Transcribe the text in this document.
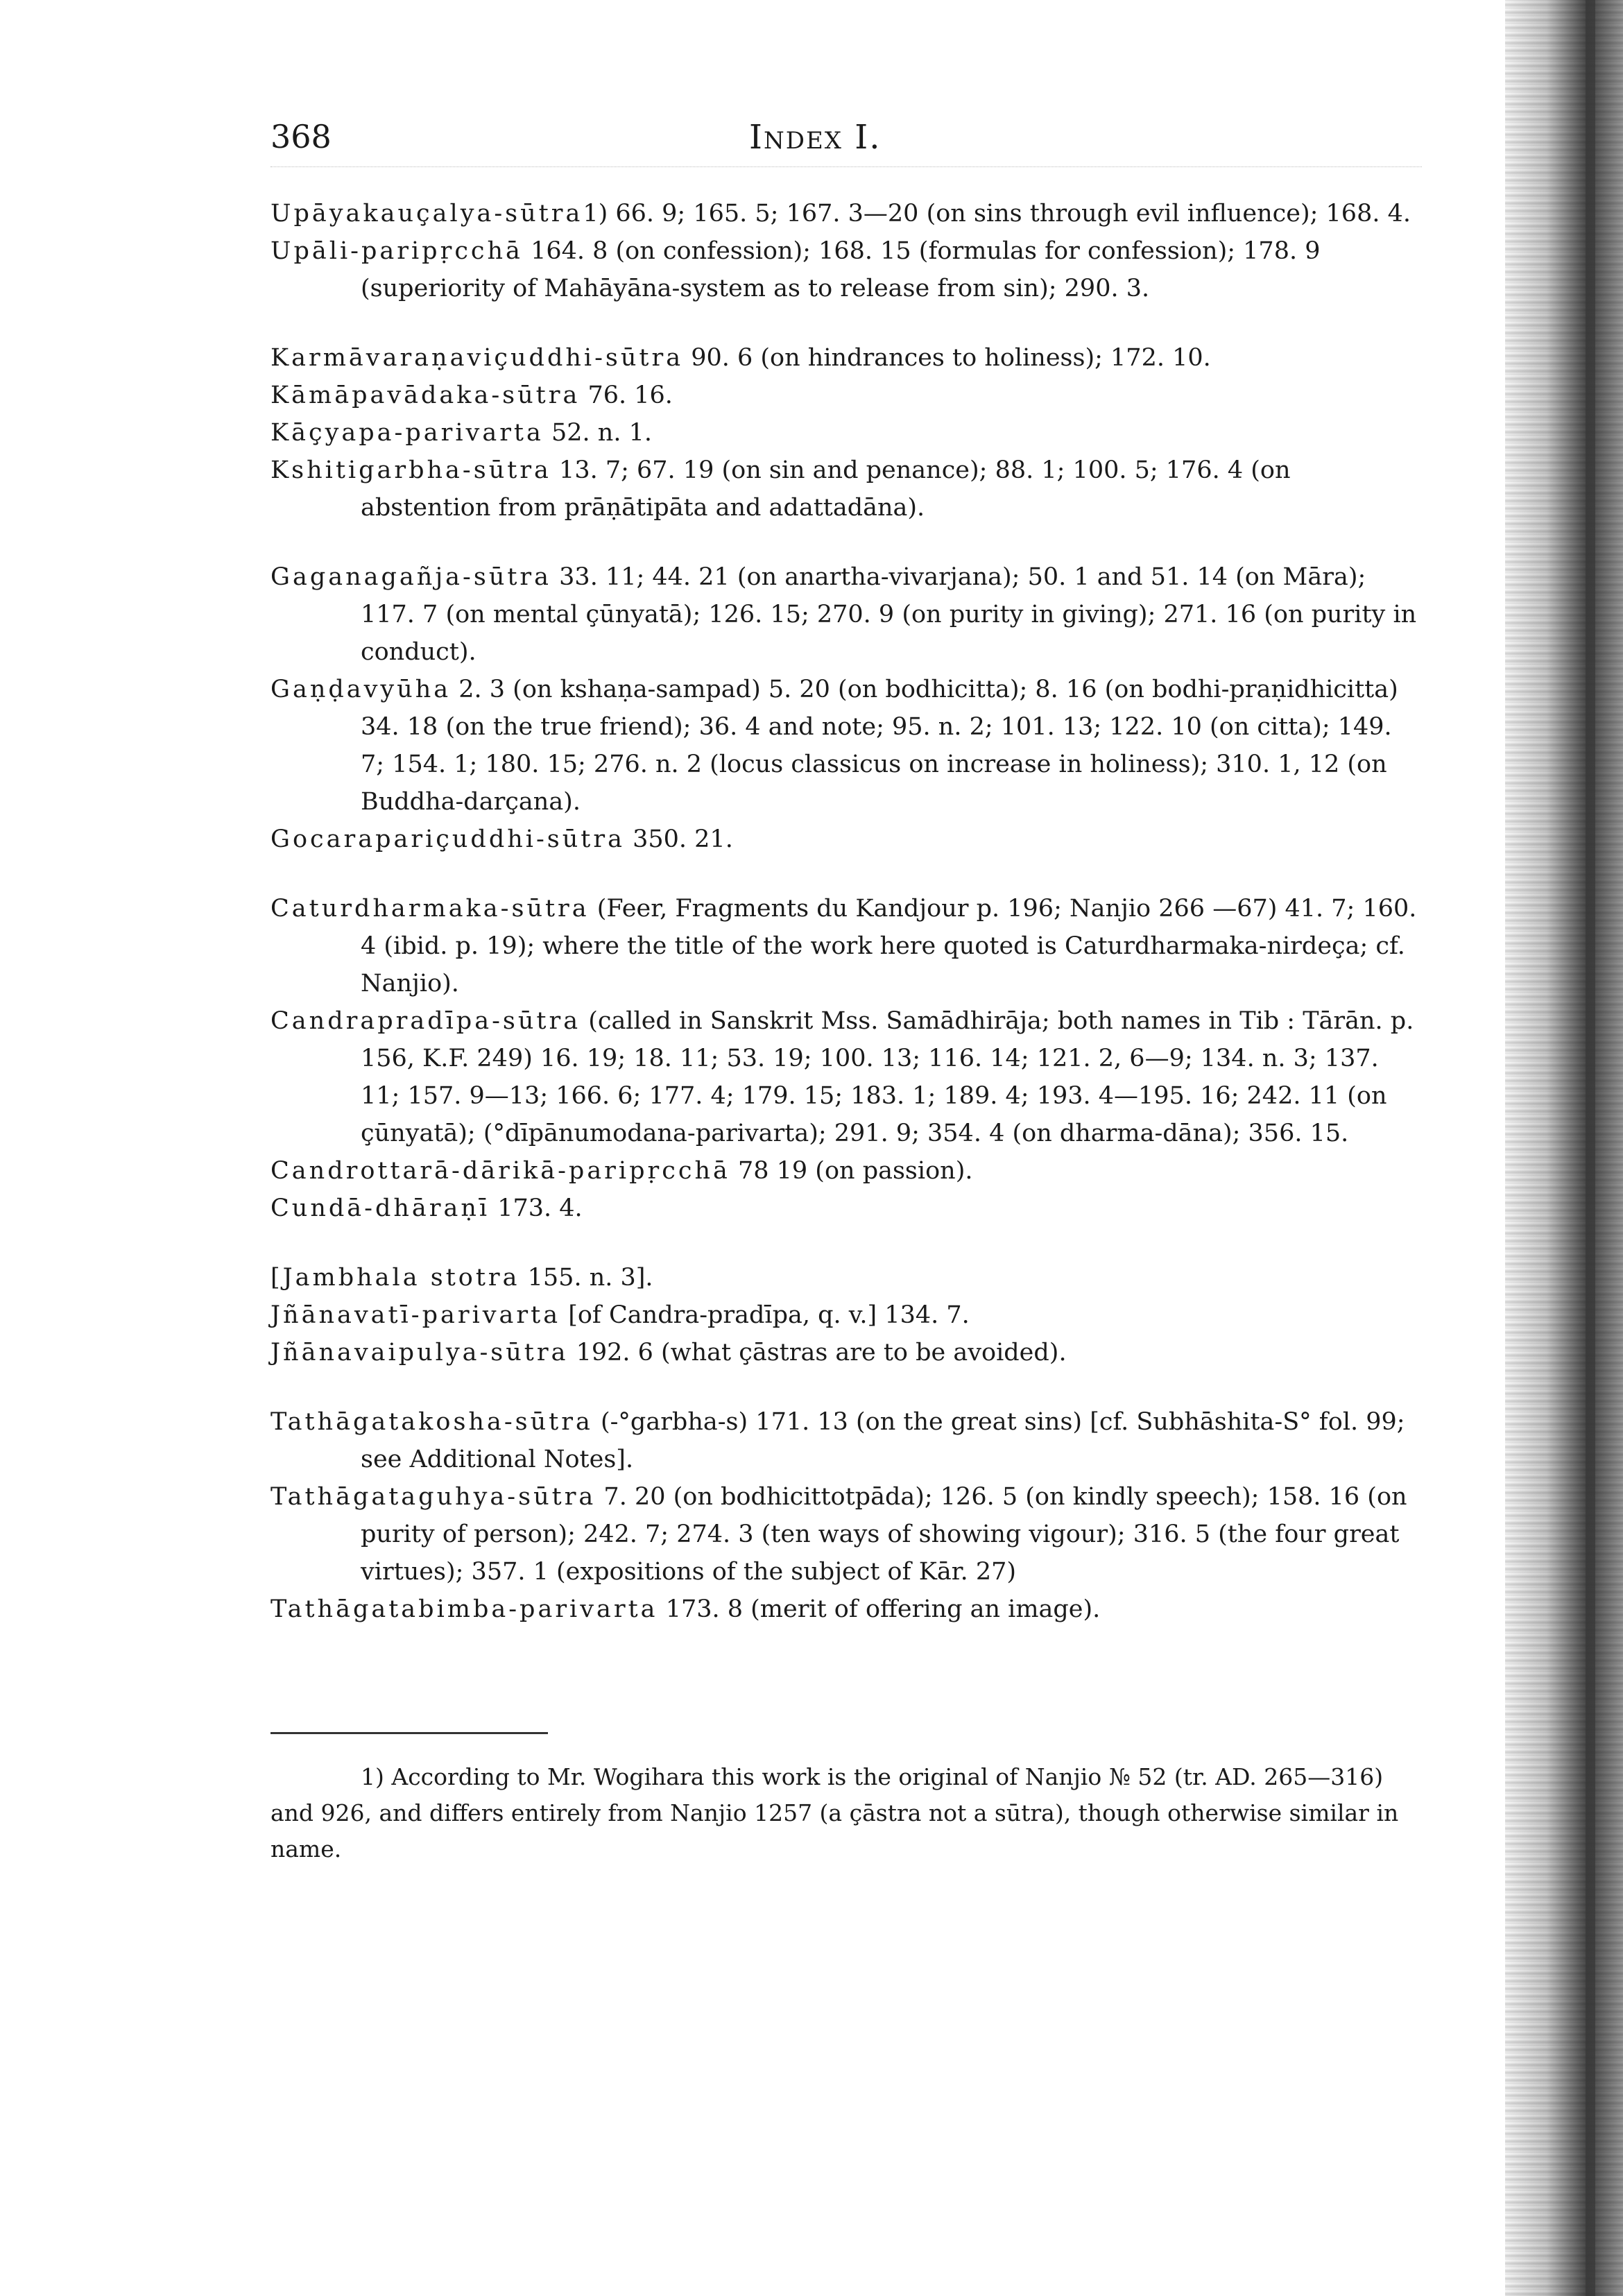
368	Index I.

Upāyakauçalya-sūtra1) 66. 9; 165. 5; 167. 3—20 (on sins through evil influence); 168. 4.

Upāli-paripṛcchā 164. 8 (on confession); 168. 15 (formulas for confession); 178. 9 (superiority of Mahāyāna-system as to release from sin); 290. 3.

Karmāvaraṇaviçuddhi-sūtra 90. 6 (on hindrances to holiness); 172. 10.

Kāmāpavādaka-sūtra 76. 16.

Kāçyapa-parivarta 52. n. 1.

Kshitigarbha-sūtra 13. 7; 67. 19 (on sin and penance); 88. 1; 100. 5; 176. 4 (on abstention from prāṇātipāta and adattadāna).

Gaganagañja-sūtra 33. 11; 44. 21 (on anartha-vivarjana); 50. 1 and 51. 14 (on Māra); 117. 7 (on mental çūnyatā); 126. 15; 270. 9 (on purity in giving); 271. 16 (on purity in conduct).

Gaṇḍavyūha 2. 3 (on kshaṇa-sampad) 5. 20 (on bodhicitta); 8. 16 (on bodhi-praṇidhicitta) 34. 18 (on the true friend); 36. 4 and note; 95. n. 2; 101. 13; 122. 10 (on citta); 149. 7; 154. 1; 180. 15; 276. n. 2 (locus classicus on increase in holiness); 310. 1, 12 (on Buddha-darçana).

Gocarapariçuddhi-sūtra 350. 21.

Caturdharmaka-sūtra (Feer, Fragments du Kandjour p. 196; Nanjio 266 —67) 41. 7; 160. 4 (ibid. p. 19); where the title of the work here quoted is Caturdharmaka-nirdeça; cf. Nanjio).

Candrapradīpa-sūtra (called in Sanskrit Mss. Samādhirāja; both names in Tib : Tārān. p. 156, K.F. 249) 16. 19; 18. 11; 53. 19; 100. 13; 116. 14; 121. 2, 6—9; 134. n. 3; 137. 11; 157. 9—13; 166. 6; 177. 4; 179. 15; 183. 1; 189. 4; 193. 4—195. 16; 242. 11 (on çūnyatā); (°dīpānumodana-parivarta); 291. 9; 354. 4 (on dharma-dāna); 356. 15.

Candrottarā-dārikā-paripṛcchā 78 19 (on passion).

Cundā-dhāraṇī 173. 4.

[Jambhala stotra 155. n. 3].

Jñānavatī-parivarta [of Candra-pradīpa, q. v.] 134. 7.

Jñānavaipulya-sūtra 192. 6 (what çāstras are to be avoided).

Tathāgatakosha-sūtra (-°garbha-s) 171. 13 (on the great sins) [cf. Subhāshita-S° fol. 99; see Additional Notes].

Tathāgataguhya-sūtra 7. 20 (on bodhicittotpāda); 126. 5 (on kindly speech); 158. 16 (on purity of person); 242. 7; 274. 3 (ten ways of showing vigour); 316. 5 (the four great virtues); 357. 1 (expositions of the subject of Kār. 27)

Tathāgatabimba-parivarta 173. 8 (merit of offering an image).

1) According to Mr. Wogihara this work is the original of Nanjio № 52 (tr. AD. 265—316) and 926, and differs entirely from Nanjio 1257 (a çāstra not a sūtra), though otherwise similar in name.
